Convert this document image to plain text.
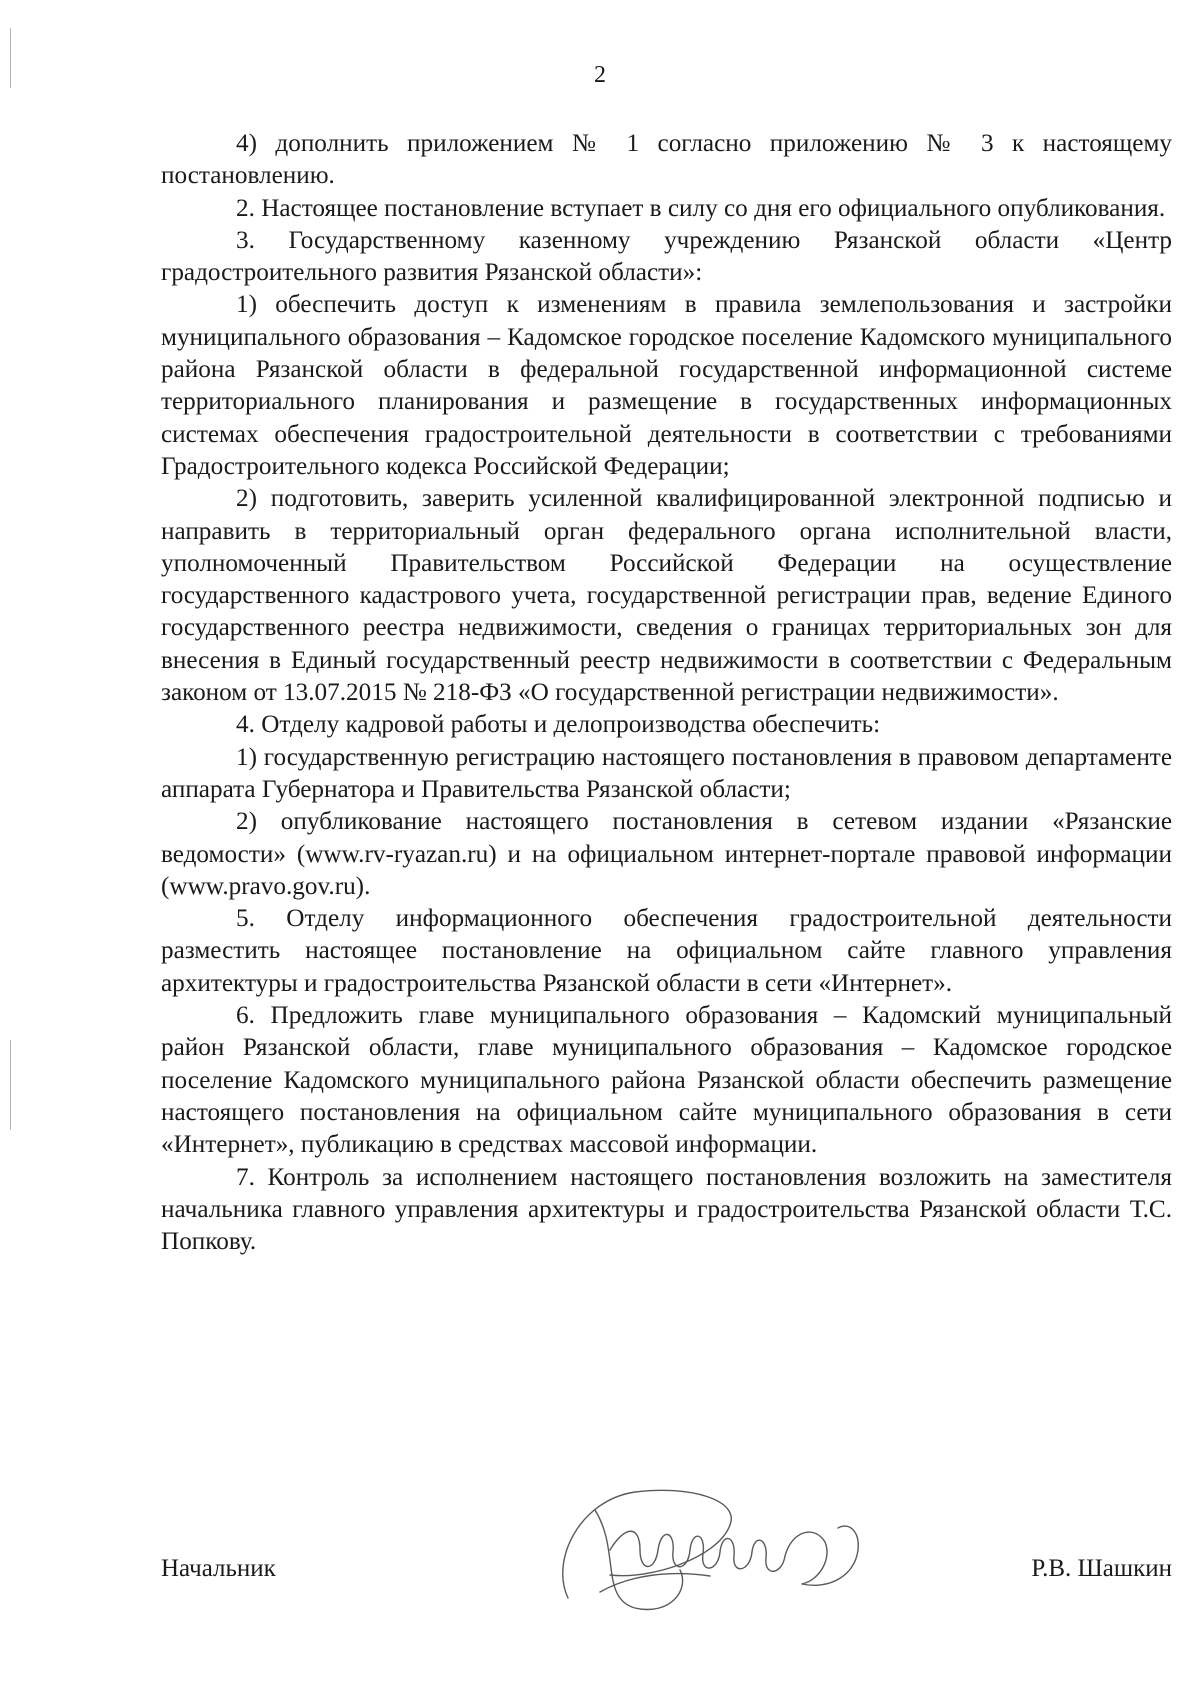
2

4) дополнить приложением № 1 согласно приложению № 3 к настоящему постановлению.

2. Настоящее постановление вступает в силу со дня его официального опубликования.

3. Государственному казенному учреждению Рязанской области «Центр градостроительного развития Рязанской области»:

1) обеспечить доступ к изменениям в правила землепользования и застройки муниципального образования – Кадомское городское поселение Кадомского муниципального района Рязанской области в федеральной государственной информационной системе территориального планирования и размещение в государственных информационных системах обеспечения градостроительной деятельности в соответствии с требованиями Градостроительного кодекса Российской Федерации;

2) подготовить, заверить усиленной квалифицированной электронной подписью и направить в территориальный орган федерального органа исполнительной власти, уполномоченный Правительством Российской Федерации на осуществление государственного кадастрового учета, государственной регистрации прав, ведение Единого государственного реестра недвижимости, сведения о границах территориальных зон для внесения в Единый государственный реестр недвижимости в соответствии с Федеральным законом от 13.07.2015 № 218-ФЗ «О государственной регистрации недвижимости».

4. Отделу кадровой работы и делопроизводства обеспечить:

1) государственную регистрацию настоящего постановления в правовом департаменте аппарата Губернатора и Правительства Рязанской области;

2) опубликование настоящего постановления в сетевом издании «Рязанские ведомости» (www.rv-ryazan.ru) и на официальном интернет-портале правовой информации (www.pravo.gov.ru).

5. Отделу информационного обеспечения градостроительной деятельности разместить настоящее постановление на официальном сайте главного управления архитектуры и градостроительства Рязанской области в сети «Интернет».

6. Предложить главе муниципального образования – Кадомский муниципальный район Рязанской области, главе муниципального образования – Кадомское городское поселение Кадомского муниципального района Рязанской области обеспечить размещение настоящего постановления на официальном сайте муниципального образования в сети «Интернет», публикацию в средствах массовой информации.

7. Контроль за исполнением настоящего постановления возложить на заместителя начальника главного управления архитектуры и градостроительства Рязанской области Т.С. Попкову.

Начальник	Р.В. Шашкин
